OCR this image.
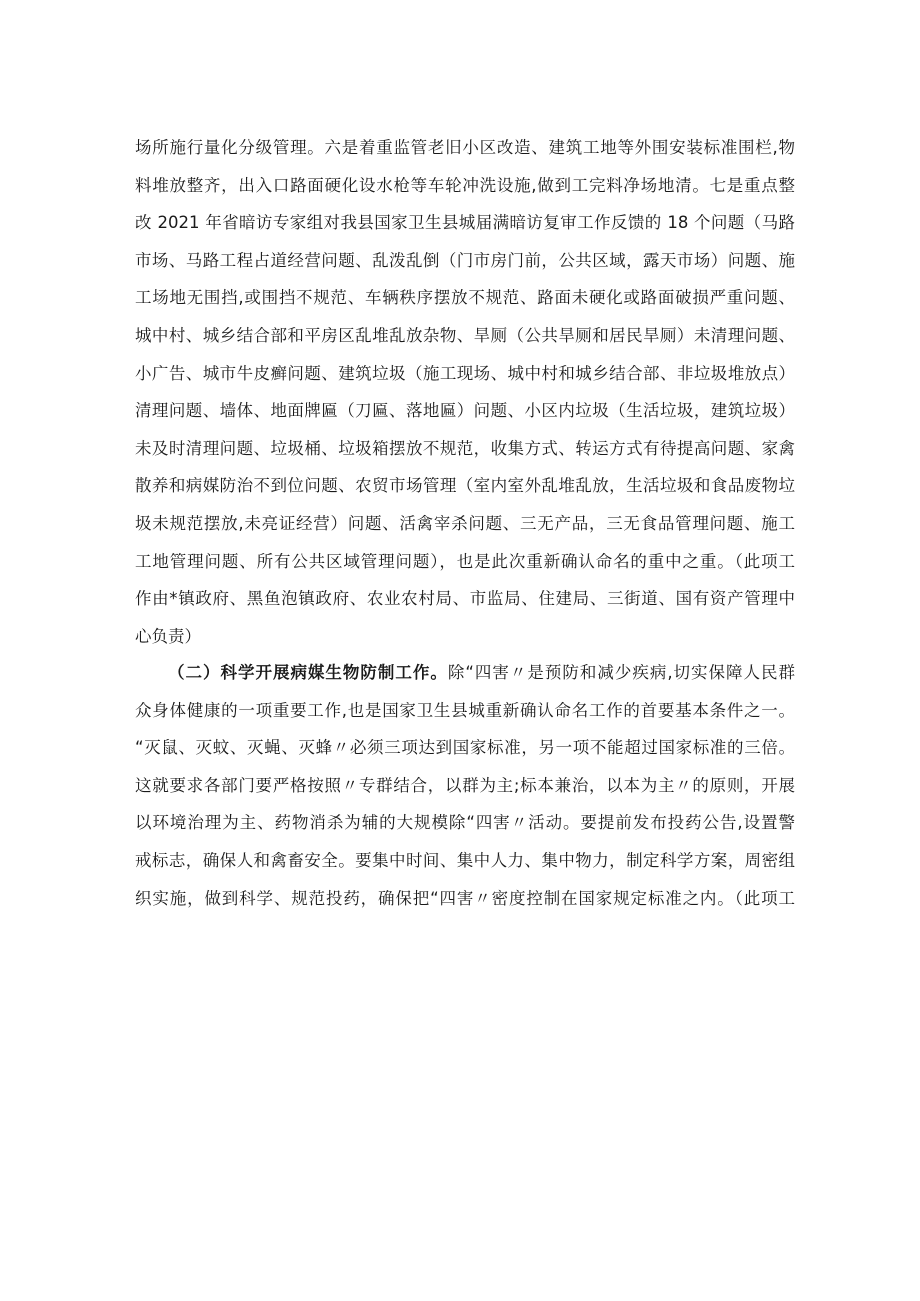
场所施行量化分级管理。六是着重监管老旧小区改造、建筑工地等外围安装标准围栏,物
料堆放整齐，出入口路面硬化设水枪等车轮冲洗设施,做到工完料净场地清。七是重点整
改 2021 年省暗访专家组对我县国家卫生县城届满暗访复审工作反馈的 18 个问题（马路
市场、马路工程占道经营问题、乱泼乱倒（门市房门前，公共区域，露天市场）问题、施
工场地无围挡,或围挡不规范、车辆秩序摆放不规范、路面未硬化或路面破损严重问题、
城中村、城乡结合部和平房区乱堆乱放杂物、旱厕（公共旱厕和居民旱厕）未清理问题、
小广告、城市牛皮癣问题、建筑垃圾（施工现场、城中村和城乡结合部、非垃圾堆放点）
清理问题、墙体、地面牌匾（刀匾、落地匾）问题、小区内垃圾（生活垃圾，建筑垃圾）
未及时清理问题、垃圾桶、垃圾箱摆放不规范，收集方式、转运方式有待提高问题、家禽
散养和病媒防治不到位问题、农贸市场管理（室内室外乱堆乱放，生活垃圾和食品废物垃
圾未规范摆放,未亮证经营）问题、活禽宰杀问题、三无产品，三无食品管理问题、施工
工地管理问题、所有公共区域管理问题），也是此次重新确认命名的重中之重。（此项工
作由*镇政府、黑鱼泡镇政府、农业农村局、市监局、住建局、三街道、国有资产管理中
心负责）
（二）科学开展病媒生物防制工作。除“四害〃是预防和减少疾病,切实保障人民群
众身体健康的一项重要工作,也是国家卫生县城重新确认命名工作的首要基本条件之一。
“灭鼠、灭蚊、灭蝇、灭蜂〃必须三项达到国家标准，另一项不能超过国家标准的三倍。
这就要求各部门要严格按照〃专群结合，以群为主;标本兼治，以本为主〃的原则，开展
以环境治理为主、药物消杀为辅的大规模除“四害〃活动。要提前发布投药公告,设置警
戒标志，确保人和禽畜安全。要集中时间、集中人力、集中物力，制定科学方案，周密组
织实施，做到科学、规范投药，确保把“四害〃密度控制在国家规定标准之内。（此项工
